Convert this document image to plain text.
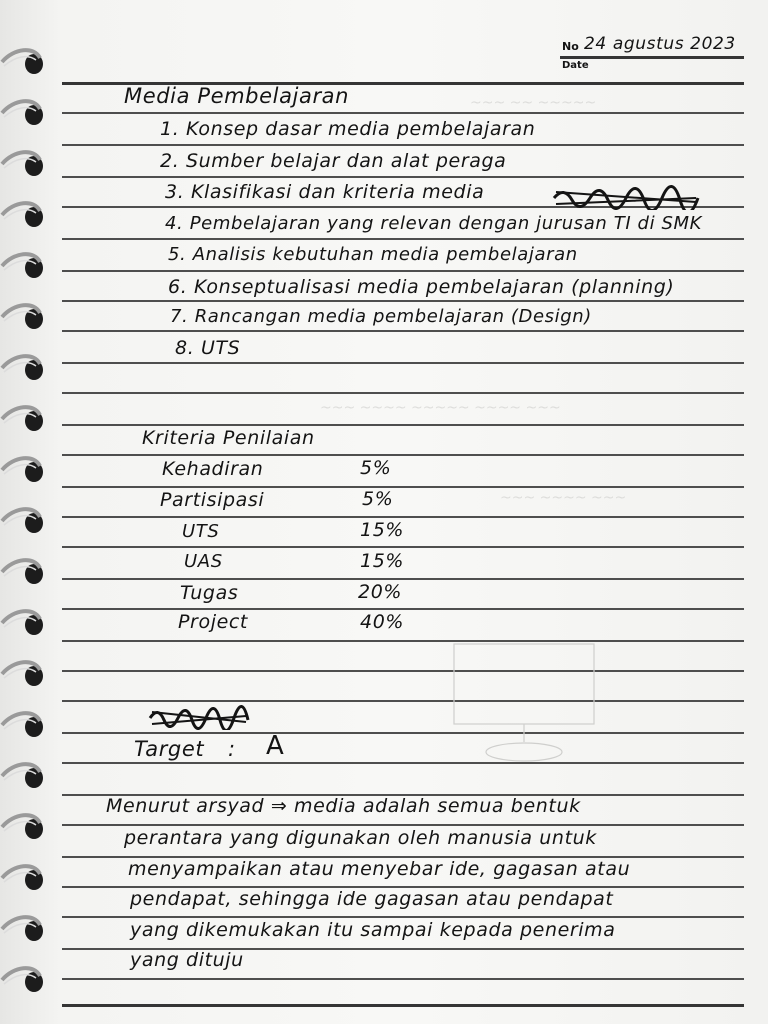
No 24 agustus 2023
Date
~~~ ~~ ~~~~~
~~~ ~~~~ ~~~~~ ~~~~ ~~~
~~~ ~~~~ ~~~
Media Pembelajaran
1. Konsep dasar media pembelajaran
2. Sumber belajar dan alat peraga
3. Klasifikasi dan kriteria media
4. Pembelajaran yang relevan dengan jurusan TI di SMK
5. Analisis kebutuhan media pembelajaran
6. Konseptualisasi media pembelajaran (planning)
7. Rancangan media pembelajaran (Design)
8. UTS
Kriteria Penilaian
Kehadiran	5%
Partisipasi	5%
UTS	15%
UAS	15%
Tugas	20%
Project	40%
Target : A
Menurut arsyad ⇒ media adalah semua bentuk
perantara yang digunakan oleh manusia untuk
menyampaikan atau menyebar ide, gagasan atau
pendapat, sehingga ide gagasan atau pendapat
yang dikemukakan itu sampai kepada penerima
yang dituju
